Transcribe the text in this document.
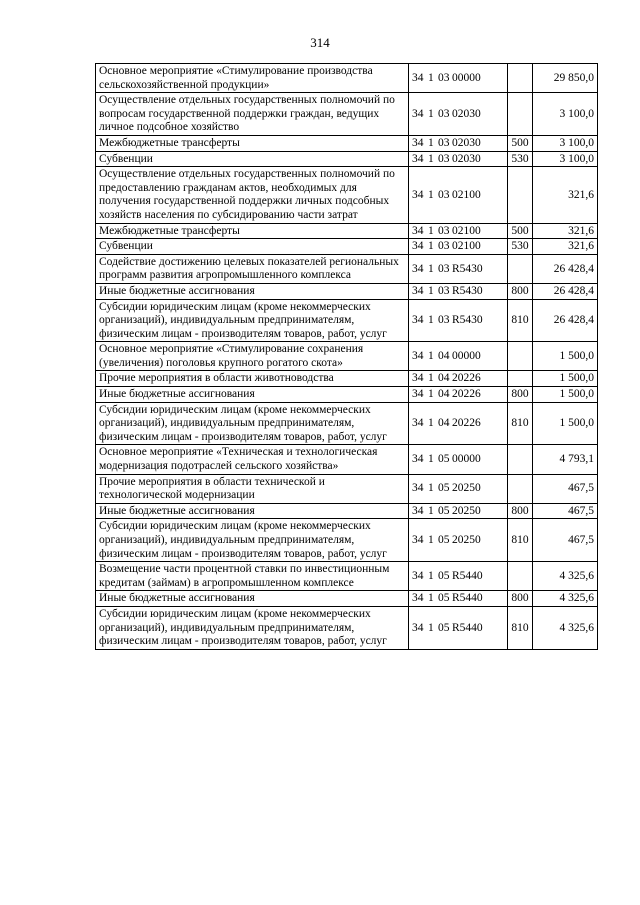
314
Основное мероприятие «Стимулирование производства сельскохозяйственной продукции»	34 1 03 00000		29 850,0
Осуществление отдельных государственных полномочий по вопросам государственной поддержки граждан, ведущих личное подсобное хозяйство	34 1 03 02030		3 100,0
Межбюджетные трансферты	34 1 03 02030	500	3 100,0
Субвенции	34 1 03 02030	530	3 100,0
Осуществление отдельных государственных полномочий по предоставлению гражданам актов, необходимых для получения государственной поддержки личных подсобных хозяйств населения по субсидированию части затрат	34 1 03 02100		321,6
Межбюджетные трансферты	34 1 03 02100	500	321,6
Субвенции	34 1 03 02100	530	321,6
Содействие достижению целевых показателей региональных программ развития агропромышленного комплекса	34 1 03 R5430		26 428,4
Иные бюджетные ассигнования	34 1 03 R5430	800	26 428,4
Субсидии юридическим лицам (кроме некоммерческих организаций), индивидуальным предпринимателям, физическим лицам - производителям товаров, работ, услуг	34 1 03 R5430	810	26 428,4
Основное мероприятие «Стимулирование сохранения (увеличения) поголовья крупного рогатого скота»	34 1 04 00000		1 500,0
Прочие мероприятия в области животноводства	34 1 04 20226		1 500,0
Иные бюджетные ассигнования	34 1 04 20226	800	1 500,0
Субсидии юридическим лицам (кроме некоммерческих организаций), индивидуальным предпринимателям, физическим лицам - производителям товаров, работ, услуг	34 1 04 20226	810	1 500,0
Основное мероприятие «Техническая и технологическая модернизация подотраслей сельского хозяйства»	34 1 05 00000		4 793,1
Прочие мероприятия в области технической и технологической модернизации	34 1 05 20250		467,5
Иные бюджетные ассигнования	34 1 05 20250	800	467,5
Субсидии юридическим лицам (кроме некоммерческих организаций), индивидуальным предпринимателям, физическим лицам - производителям товаров, работ, услуг	34 1 05 20250	810	467,5
Возмещение части процентной ставки по инвестиционным кредитам (займам) в агропромышленном комплексе	34 1 05 R5440		4 325,6
Иные бюджетные ассигнования	34 1 05 R5440	800	4 325,6
Субсидии юридическим лицам (кроме некоммерческих организаций), индивидуальным предпринимателям, физическим лицам - производителям товаров, работ, услуг	34 1 05 R5440	810	4 325,6
